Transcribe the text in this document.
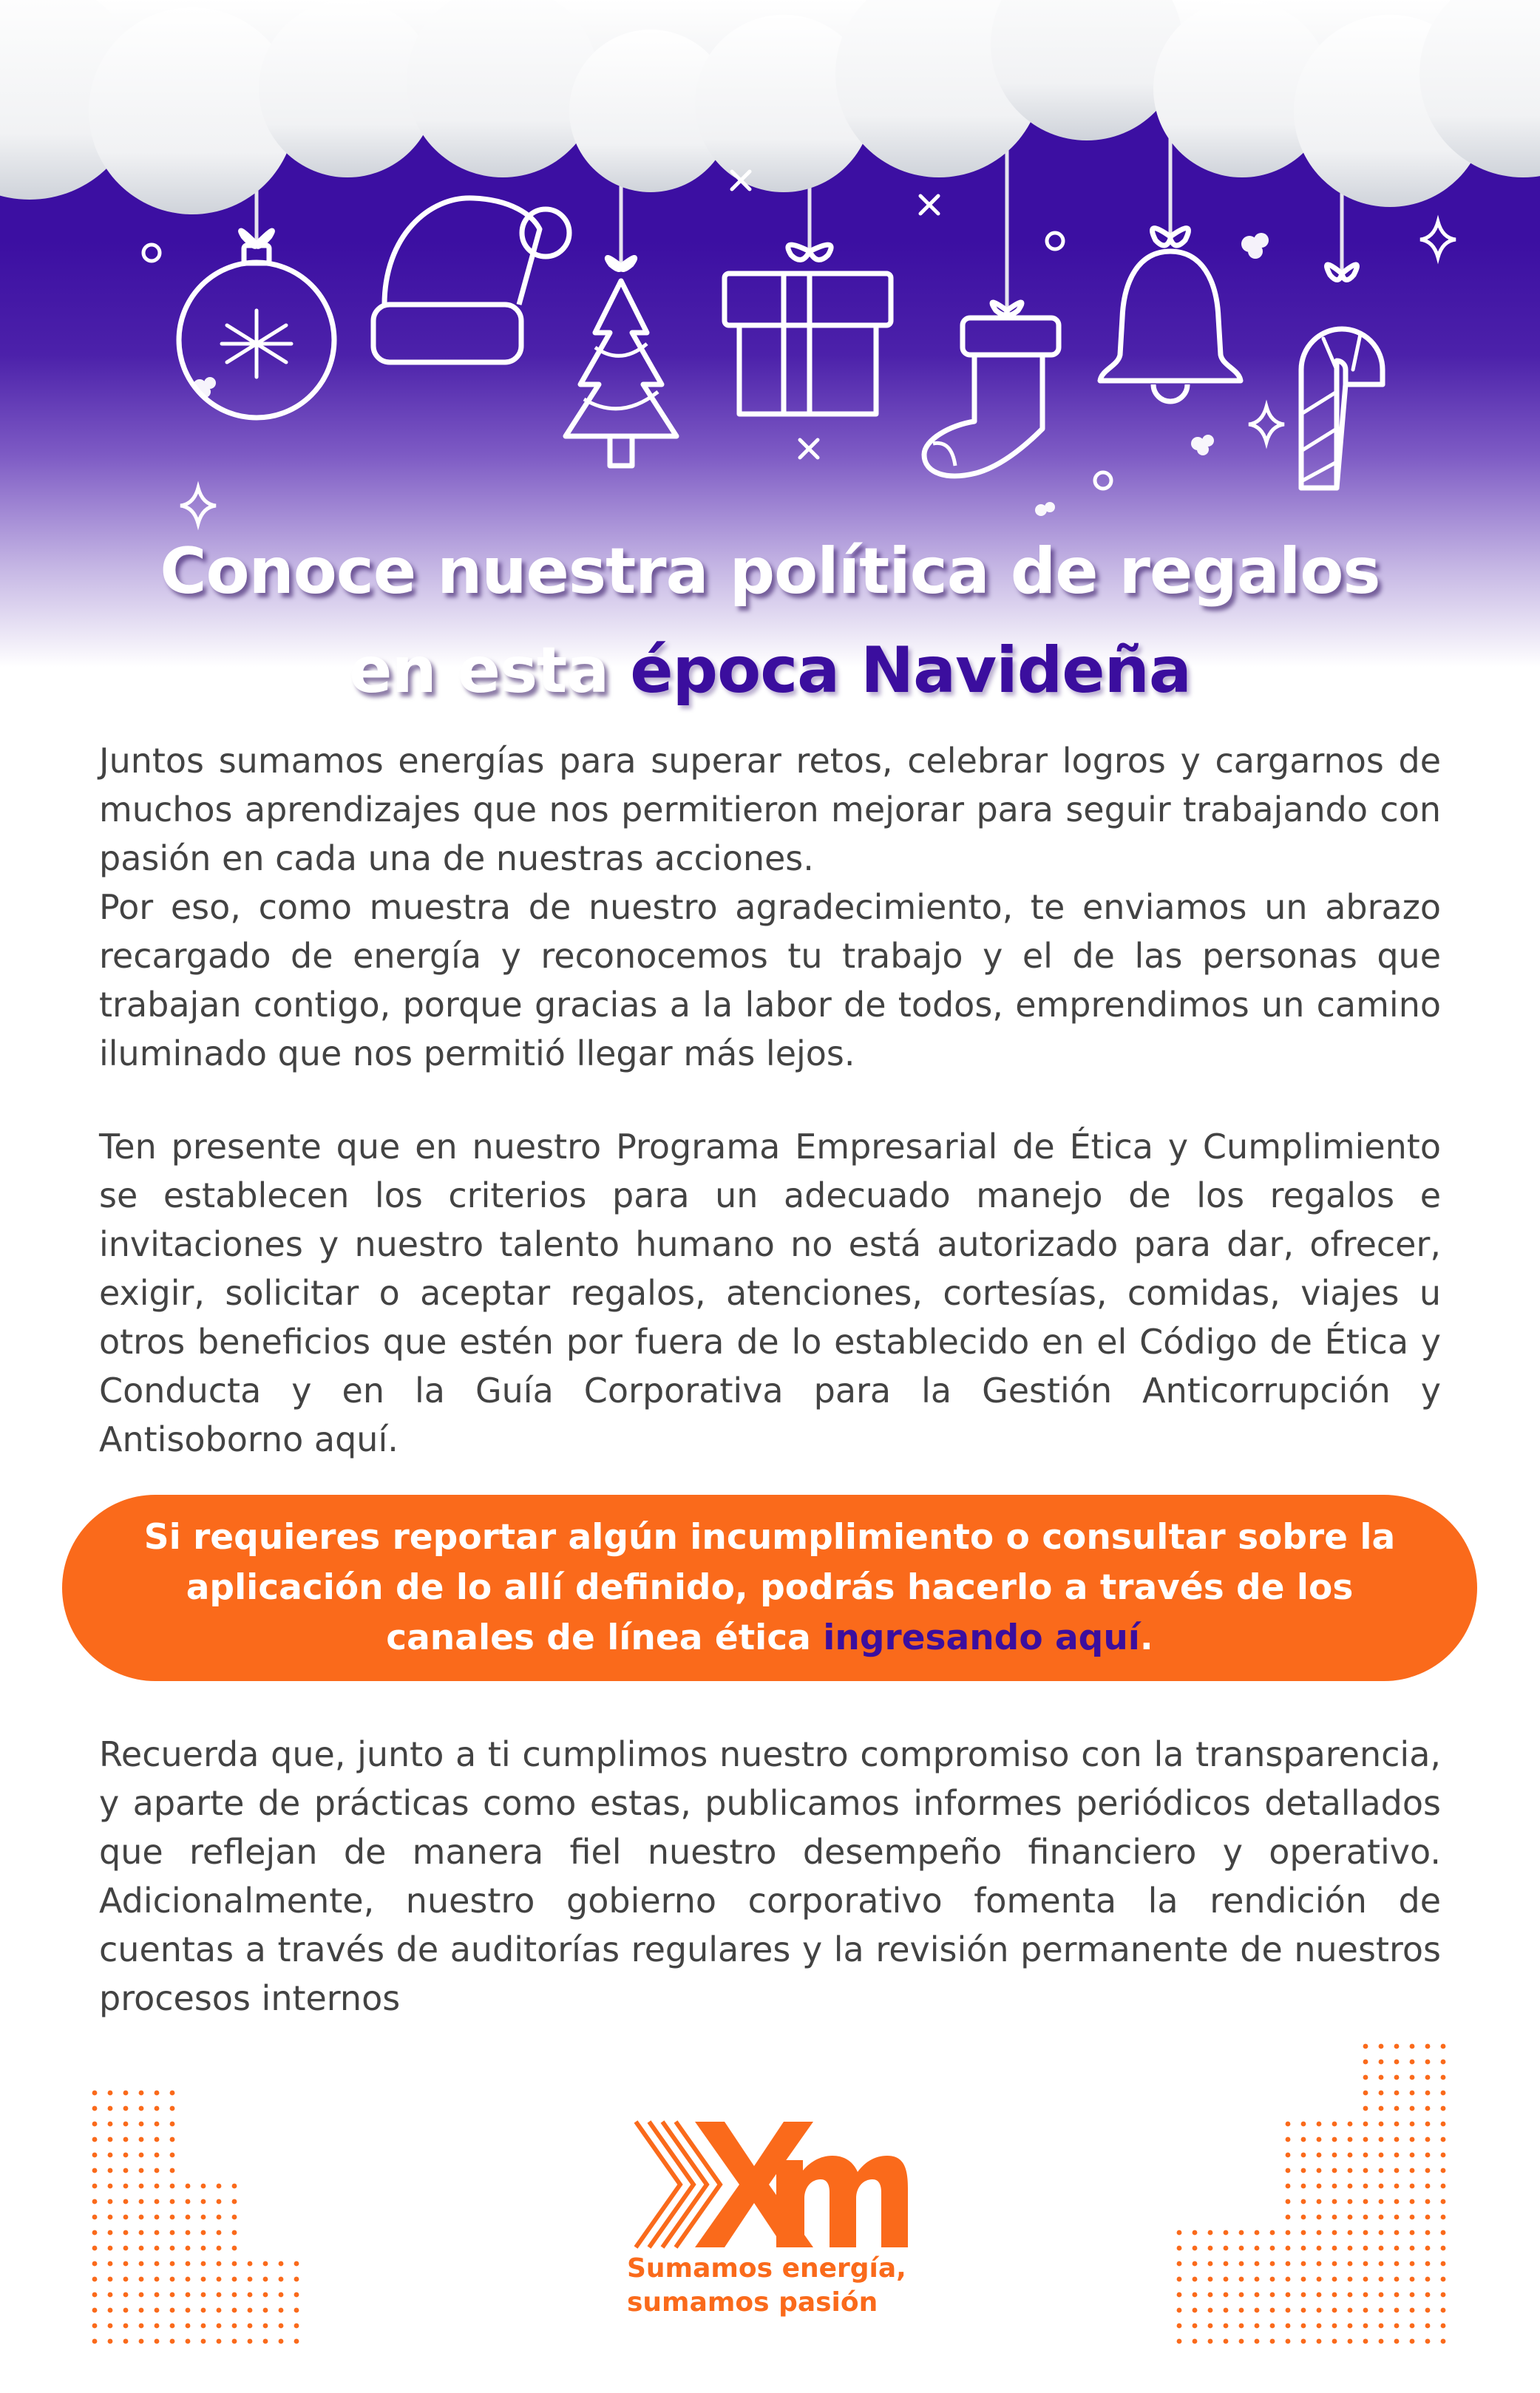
Conoce nuestra política de regalos
en esta época Navideña

Juntos sumamos energías para superar retos, celebrar logros y cargarnos de muchos aprendizajes que nos permitieron mejorar para seguir trabajando con pasión en cada una de nuestras acciones.

Por eso, como muestra de nuestro agradecimiento, te enviamos un abrazo recargado de energía y reconocemos tu trabajo y el de las personas que trabajan contigo, porque gracias a la labor de todos, emprendimos un camino iluminado que nos permitió llegar más lejos.

Ten presente que en nuestro Programa Empresarial de Ética y Cumplimiento se establecen los criterios para un adecuado manejo de los regalos e invitaciones y nuestro talento humano no está autorizado para dar, ofrecer, exigir, solicitar o aceptar regalos, atenciones, cortesías, comidas, viajes u otros beneficios que estén por fuera de lo establecido en el Código de Ética y Conducta y en la Guía Corporativa para la Gestión Anticorrupción y Antisoborno aquí.

Si requieres reportar algún incumplimiento o consultar sobre la aplicación de lo allí definido, podrás hacerlo a través de los canales de línea ética ingresando aquí.

Recuerda que, junto a ti cumplimos nuestro compromiso con la transparencia, y aparte de prácticas como estas, publicamos informes periódicos detallados que reflejan de manera fiel nuestro desempeño financiero y operativo. Adicionalmente, nuestro gobierno corporativo fomenta la rendición de cuentas a través de auditorías regulares y la revisión permanente de nuestros procesos internos

Sumamos energía,
sumamos pasión
